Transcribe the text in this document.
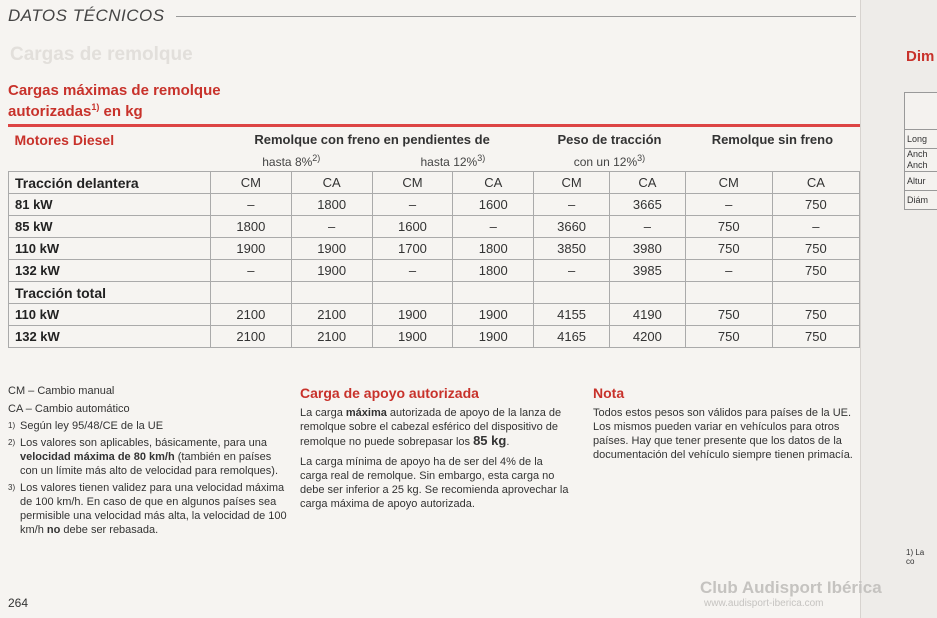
DATOS TÉCNICOS
Cargas de remolque
Cargas máximas de remolque
autorizadas$^{1)}$ en kg
Motores Diesel	Remolque con freno en pendientes de				Peso de tracción		Remolque sin freno	
	hasta 8%$^{2)}$		hasta 12%$^{3)}$		con un 12%$^{3)}$	
Tracción delantera	CM	CA	CM	CA	CM	CA	CM	CA
81 kW	–	1800	–	1600	–	3665	–	750
85 kW	1800	–	1600	–	3660	–	750	–
110 kW	1900	1900	1700	1800	3850	3980	750	750
132 kW	–	1900	–	1800	–	3985	–	750
Tracción total								
110 kW	2100	2100	1900	1900	4155	4190	750	750
132 kW	2100	2100	1900	1900	4165	4200	750	750
CM – Cambio manual
CA – Cambio automático
1) Según ley 95/48/CE de la UE
2) Los valores son aplicables, básicamente, para una velocidad máxima de 80 km/h (también en países con un límite más alto de velocidad para remolques).
3) Los valores tienen validez para una velocidad máxima de 100 km/h. En caso de que en algunos países sea permisible una velocidad más alta, la velocidad de 100 km/h no debe ser rebasada.
Carga de apoyo autorizada

La carga máxima autorizada de apoyo de la lanza de remolque sobre el cabezal esférico del dispositivo de remolque no puede sobrepasar los 85 kg.

La carga mínima de apoyo ha de ser del 4% de la carga real de remolque. Sin embargo, esta carga no debe ser inferior a 25 kg. Se recomienda aprovechar la carga máxima de apoyo autorizada.

Nota

Todos estos pesos son válidos para países de la UE. Los mismos pueden variar en vehículos para otros países. Hay que tener presente que los datos de la documentación del vehículo siempre tienen primacía.

264
Dim
Long
Anch
Anch
Altur
Diám
1) La
co
Club Audisport Ibérica
www.audisport-iberica.com
